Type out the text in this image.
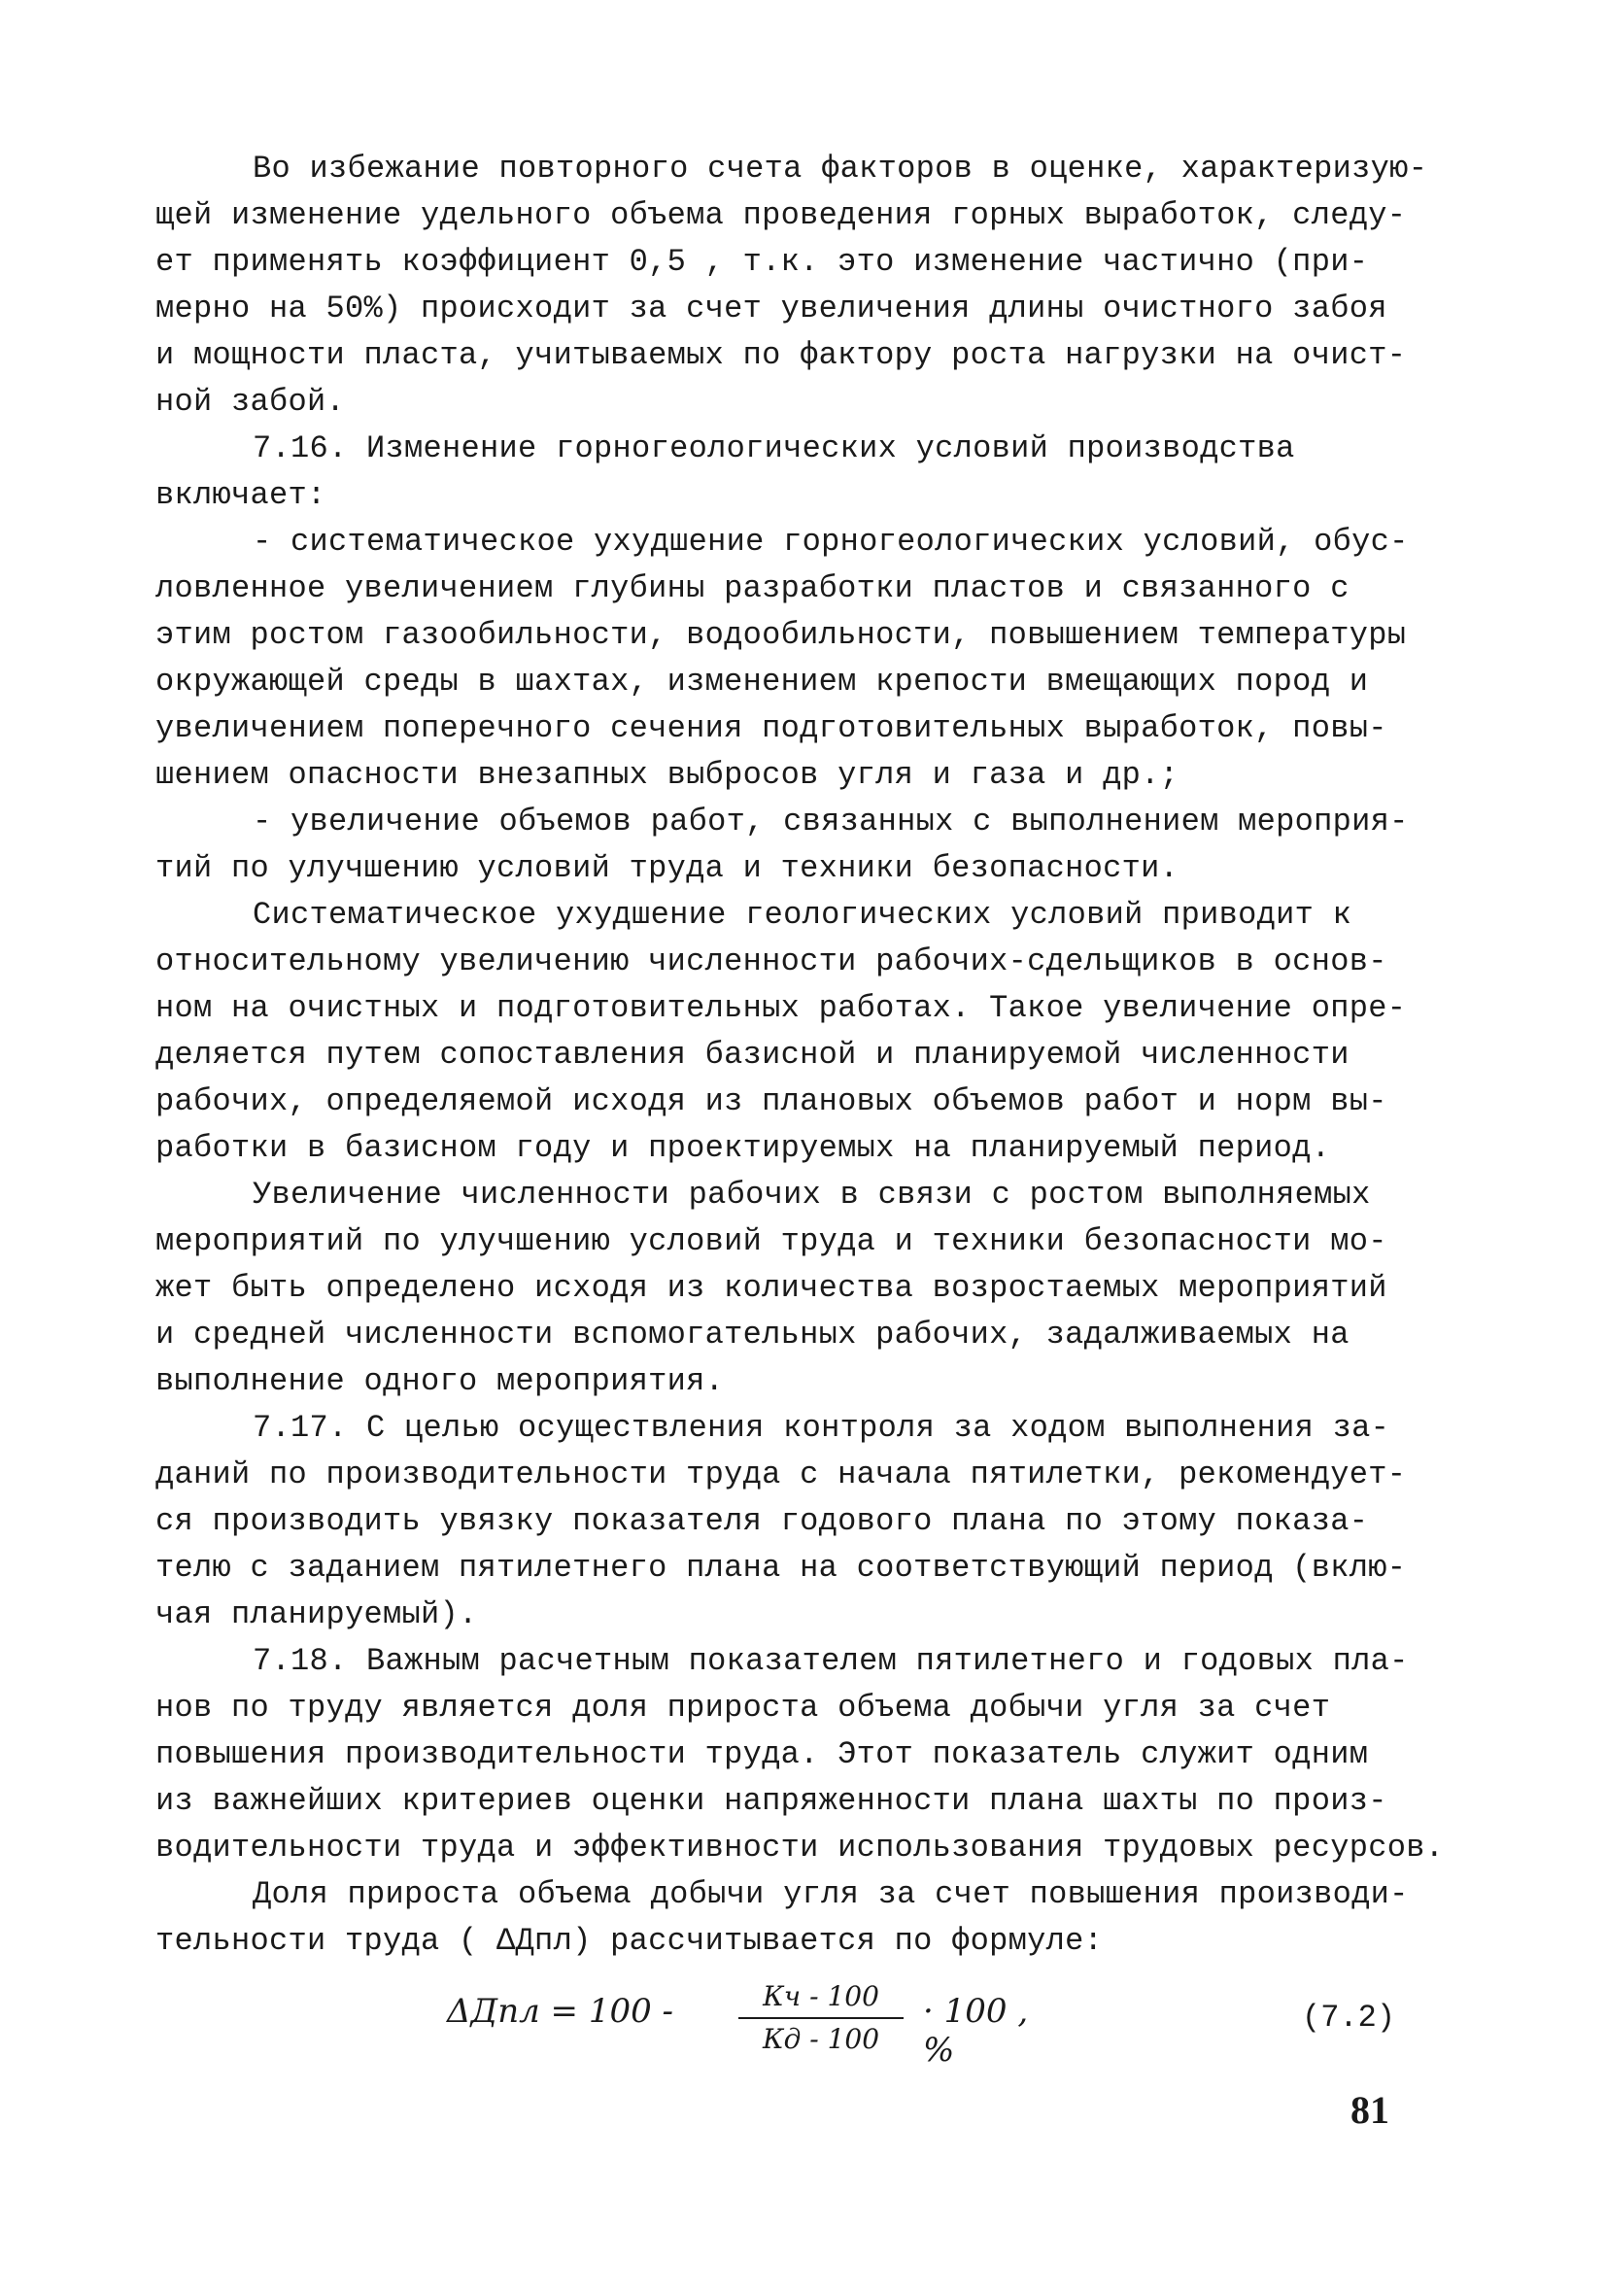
Во избежание повторного счета факторов в оценке, характеризую-
щей изменение удельного объема проведения горных выработок, следу-
ет применять коэффициент 0,5 , т.к. это изменение частично (при-
мерно на 50%) происходит за счет увеличения длины очистного забоя
и мощности пласта, учитываемых по фактору роста нагрузки на очист-
ной забой.
7.16. Изменение горногеологических условий производства
включает:
- систематическое ухудшение горногеологических условий, обус-
ловленное увеличением глубины разработки пластов и связанного с
этим ростом газообильности, водообильности, повышением температуры
окружающей среды в шахтах, изменением крепости вмещающих пород и
увеличением поперечного сечения подготовительных выработок, повы-
шением опасности внезапных выбросов угля и газа и др.;
- увеличение объемов работ, связанных с выполнением мероприя-
тий по улучшению условий труда и техники безопасности.
Систематическое ухудшение геологических условий приводит к
относительному увеличению численности рабочих-сдельщиков в основ-
ном на очистных и подготовительных работах. Такое увеличение опре-
деляется путем сопоставления базисной и планируемой численности
рабочих, определяемой исходя из плановых объемов работ и норм вы-
работки в базисном году и проектируемых на планируемый период.
Увеличение численности рабочих в связи с ростом выполняемых
мероприятий по улучшению условий труда и техники безопасности мо-
жет быть определено исходя из количества возростаемых мероприятий
и средней численности вспомогательных рабочих, задалживаемых на
выполнение одного мероприятия.
7.17. С целью осуществления контроля за ходом выполнения за-
даний по производительности труда с начала пятилетки, рекомендует-
ся производить увязку показателя годового плана по этому показа-
телю с заданием пятилетнего плана на соответствующий период (вклю-
чая планируемый).
7.18. Важным расчетным показателем пятилетнего и годовых пла-
нов по труду является доля прироста объема добычи угля за счет
повышения производительности труда. Этот показатель служит одним
из важнейших критериев оценки напряженности плана шахты по произ-
водительности труда и эффективности использования трудовых ресурсов.
Доля прироста объема добычи угля за счет повышения производи-
тельности труда ( ΔДпл) рассчитывается по формуле:
ΔДпл = 100 -	Кч - 100
Кд - 100
· 100 , %
(7.2)
81
